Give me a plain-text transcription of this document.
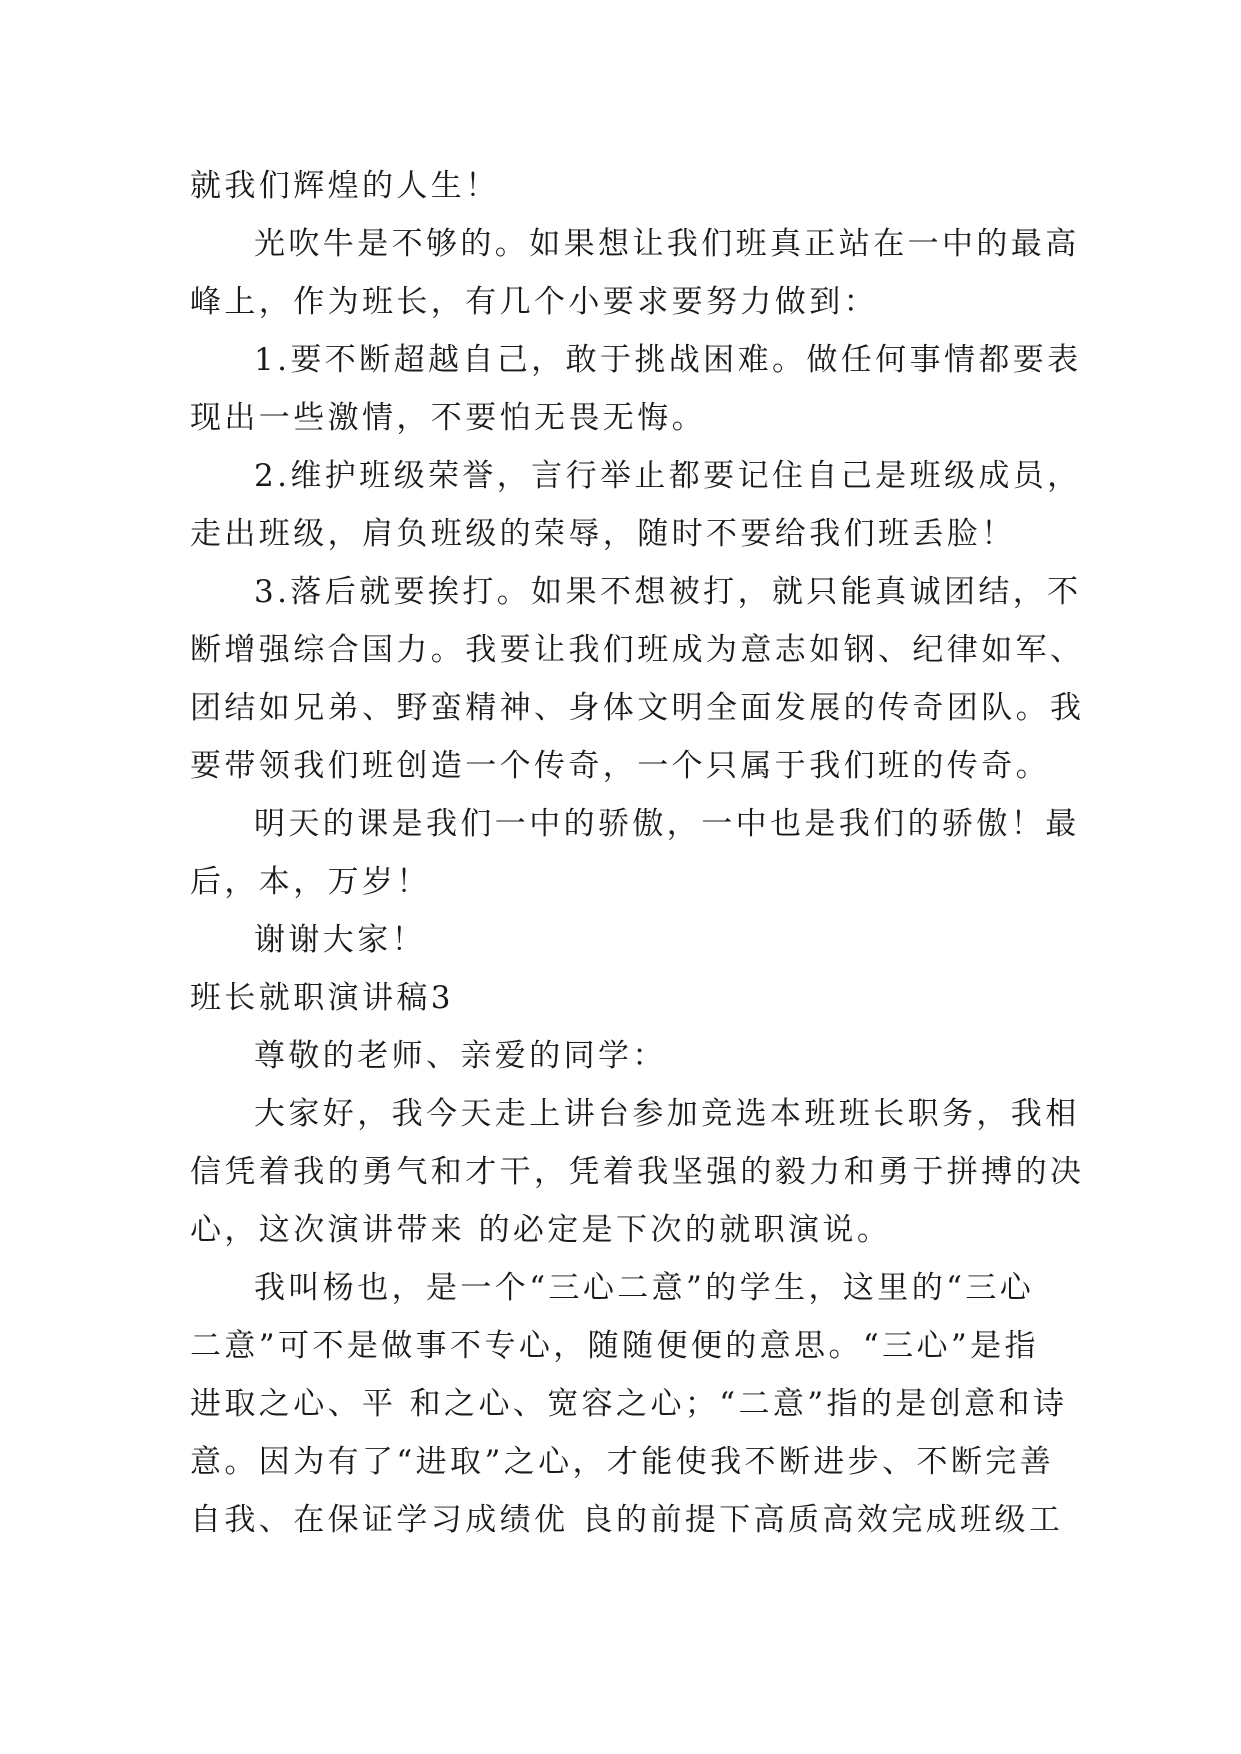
就我们辉煌的人生！
光吹牛是不够的。如果想让我们班真正站在一中的最高
峰上，作为班长，有几个小要求要努力做到：
1.要不断超越自己，敢于挑战困难。做任何事情都要表
现出一些激情，不要怕无畏无悔。
2.维护班级荣誉，言行举止都要记住自己是班级成员，
走出班级，肩负班级的荣辱，随时不要给我们班丢脸！
3.落后就要挨打。如果不想被打，就只能真诚团结，不
断增强综合国力。我要让我们班成为意志如钢、纪律如军、
团结如兄弟、野蛮精神、身体文明全面发展的传奇团队。我
要带领我们班创造一个传奇，一个只属于我们班的传奇。
明天的课是我们一中的骄傲，一中也是我们的骄傲！最
后，本，万岁！
谢谢大家！
班长就职演讲稿3
尊敬的老师、亲爱的同学：
大家好，我今天走上讲台参加竞选本班班长职务，我相
信凭着我的勇气和才干，凭着我坚强的毅力和勇于拼搏的决
心，这次演讲带来 的必定是下次的就职演说。
我叫杨也，是一个“三心二意”的学生，这里的“三心
二意”可不是做事不专心，随随便便的意思。“三心”是指
进取之心、平 和之心、宽容之心；“二意”指的是创意和诗
意。因为有了“进取”之心，才能使我不断进步、不断完善
自我、在保证学习成绩优 良的前提下高质高效完成班级工
